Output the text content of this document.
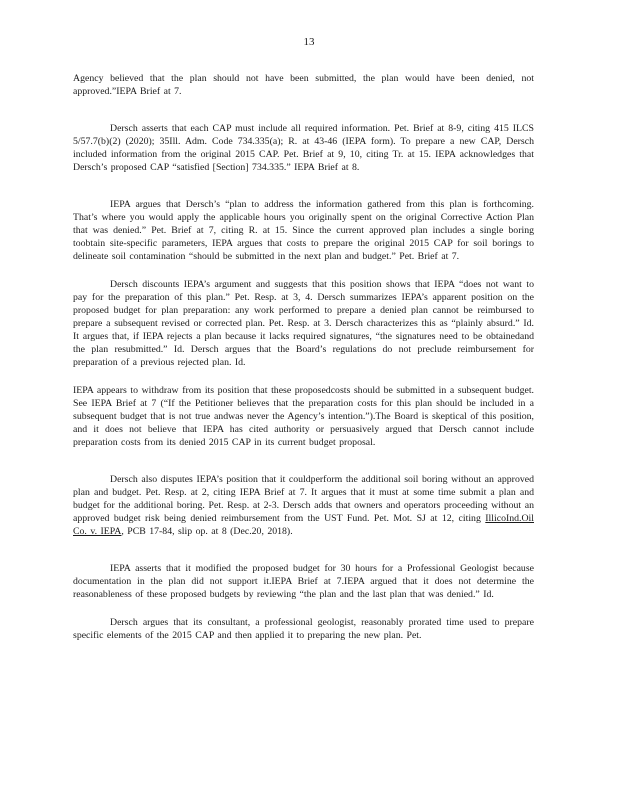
13

Agency believed that the plan should not have been submitted, the plan would have been denied, not approved.”IEPA Brief at 7.

Dersch asserts that each CAP must include all required information. Pet. Brief at 8-9, citing 415 ILCS 5/57.7(b)(2) (2020); 35Ill. Adm. Code 734.335(a); R. at 43-46 (IEPA form). To prepare a new CAP, Dersch included information from the original 2015 CAP. Pet. Brief at 9, 10, citing Tr. at 15. IEPA acknowledges that Dersch’s proposed CAP “satisfied [Section] 734.335.” IEPA Brief at 8.

IEPA argues that Dersch’s “plan to address the information gathered from this plan is forthcoming. That’s where you would apply the applicable hours you originally spent on the original Corrective Action Plan that was denied.” Pet. Brief at 7, citing R. at 15. Since the current approved plan includes a single boring toobtain site-specific parameters, IEPA argues that costs to prepare the original 2015 CAP for soil borings to delineate soil contamination “should be submitted in the next plan and budget.” Pet. Brief at 7.

Dersch discounts IEPA’s argument and suggests that this position shows that IEPA “does not want to pay for the preparation of this plan.” Pet. Resp. at 3, 4. Dersch summarizes IEPA’s apparent position on the proposed budget for plan preparation: any work performed to prepare a denied plan cannot be reimbursed to prepare a subsequent revised or corrected plan. Pet. Resp. at 3. Dersch characterizes this as “plainly absurd.” Id. It argues that, if IEPA rejects a plan because it lacks required signatures, “the signatures need to be obtainedand the plan resubmitted.” Id. Dersch argues that the Board’s regulations do not preclude reimbursement for preparation of a previous rejected plan. Id.

IEPA appears to withdraw from its position that these proposedcosts should be submitted in a subsequent budget. See IEPA Brief at 7 (“If the Petitioner believes that the preparation costs for this plan should be included in a subsequent budget that is not true andwas never the Agency’s intention.”).The Board is skeptical of this position, and it does not believe that IEPA has cited authority or persuasively argued that Dersch cannot include preparation costs from its denied 2015 CAP in its current budget proposal.

Dersch also disputes IEPA’s position that it couldperform the additional soil boring without an approved plan and budget. Pet. Resp. at 2, citing IEPA Brief at 7. It argues that it must at some time submit a plan and budget for the additional boring. Pet. Resp. at 2-3. Dersch adds that owners and operators proceeding without an approved budget risk being denied reimbursement from the UST Fund. Pet. Mot. SJ at 12, citing IllicoInd.Oil Co. v. IEPA, PCB 17-84, slip op. at 8 (Dec.20, 2018).

IEPA asserts that it modified the proposed budget for 30 hours for a Professional Geologist because documentation in the plan did not support it.IEPA Brief at 7.IEPA argued that it does not determine the reasonableness of these proposed budgets by reviewing “the plan and the last plan that was denied.” Id.

Dersch argues that its consultant, a professional geologist, reasonably prorated time used to prepare specific elements of the 2015 CAP and then applied it to preparing the new plan. Pet.
